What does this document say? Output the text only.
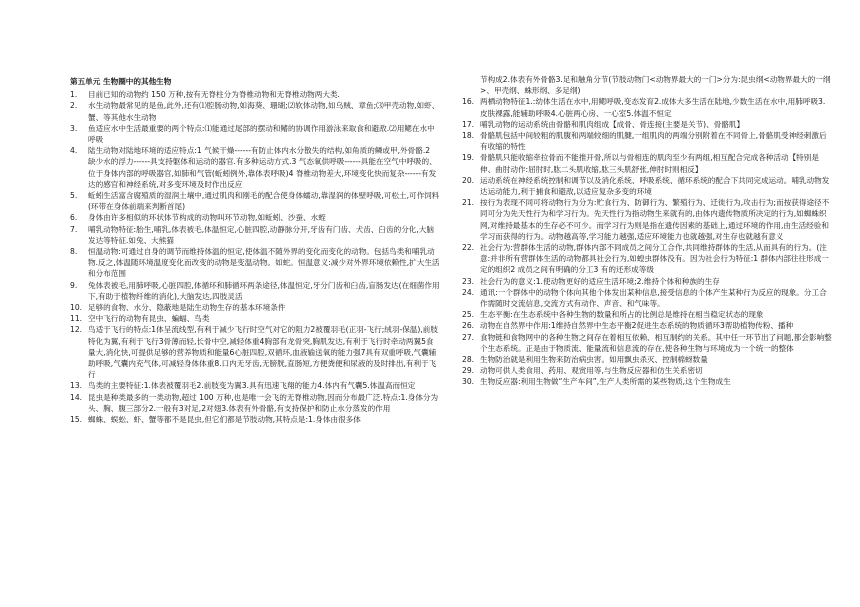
第五单元 生物圈中的其他生物
1.	目前已知的动物约 150 万种,按有无脊柱分为脊椎动物和无脊椎动物两大类.
2.	水生动物最常见的是鱼,此外,还有⑴腔肠动物,如海葵、珊瑚;⑵软体动物,如乌贼、章鱼;⑶甲壳动物,如虾、蟹、等其他水生动物
3.	鱼适应水中生活最重要的两个特点:⑴能通过尾部的摆动和鳍的协调作用游泳来取食和避敌.⑵用鳃在水中呼吸
4.	陆生动物对陆地环境的适应特点:1 气候干燥------有防止体内水分散失的结构,如角质的鳞或甲,外骨骼.2 缺少水的浮力------具支持躯体和运动的器官.有多种运动方式.3 气态氧供呼吸------具能在空气中呼吸的、位于身体内部的呼吸器官,如肺和气管(蚯蚓例外,靠体表呼吸)4 脊椎动物差大,环境变化快而复杂------有发达的感官和神经系统,对多变环境及时作出反应
5.	蚯蚓生活富含腐殖质的湿润土壤中,通过肌肉和刚毛的配合使身体蠕动,靠湿润的体壁呼吸,可松土,可作饲料(环带在身体前端来判断首尾)
6.	身体由许多相似的环状体节构成的动物叫环节动物,如蚯蚓、沙蚕、水蛭
7.	哺乳动物特征:胎生,哺乳,体表被毛,体温恒定,心脏四腔,动静脉分开,牙齿有门齿、犬齿、臼齿的分化,大脑发达等特征.如兔、大熊猫
8.	恒温动物:可通过自身的调节而维持体温的恒定,使体温不随外界的变化而变化的动物。包括鸟类和哺乳动物.反之,体温随环境温度变化而改变的动物是变温动物。如蛇。恒温意义:减少对外界环境依赖性,扩大生活和分布范围
9.	兔体表被毛,用肺呼吸,心脏四腔,体循环和肺循环两条途径,体温恒定,牙分门齿和臼齿,盲肠发达(在细菌作用下,有助于植物纤维的消化),大脑发达,四肢灵活
10. 足够的食物、水分、隐蔽地是陆生动物生存的基本环境条件
11. 空中飞行的动物有昆虫、蝙蝠、鸟类
12. 鸟适于飞行的特点:1体呈流线型,有利于减少飞行时空气对它的阻力2被覆羽毛(正羽-飞行;绒羽-保温),前肢特化为翼,有利于飞行3骨薄而轻,长骨中空,减轻体重4胸部有龙骨突,胸肌发达,有利于飞行时牵动两翼5食量大,消化快,可提供足够的营养物质和能量6心脏四腔,双循环,血液输送氧的能力强7具有双重呼吸,气囊辅助呼吸,气囊内充气体,可减轻身体体重8.口内无牙齿,无膀胱,直肠短,方便粪便和尿液的及时排出,有利于飞行
13. 鸟类的主要特征:1.体表被覆羽毛2.前肢变为翼3.具有迅速飞翔的能力4.体内有气囊5.体温高而恒定
14. 昆虫是种类最多的一类动物,超过 100 万种,也是唯一会飞的无脊椎动物,因而分布最广泛.特点:1.身体分为头、胸、腹三部分2.一般有3对足,2对翅3.体表有外骨骼,有支持保护和防止水分蒸发的作用
15. 蜘蛛、蜈蚣、虾、蟹等都不是昆虫,但它们都是节肢动物,其特点是:1.身体由很多体
节构成2.体表有外骨骼3.足和触角分节(节肢动物门<动物界最大的一门>分为:昆虫纲<动物界最大的一纲>、甲壳纲、蛛形纲、多足纲)
16. 两栖动物特征1.:幼体生活在水中,用鳃呼吸,变态发育2.成体大多生活在陆地,少数生活在水中,用肺呼吸3.皮肤裸露,能辅助呼吸4.心脏两心房、一心室5.体温不恒定
17. 哺乳动物的运动系统由骨骼和肌肉组成【成骨、骨连接(主要是关节)、骨骼肌】
18. 骨骼肌包括中间较粗的肌腹和两端较细的肌腱,一组肌肉的两端分别附着在不同骨上,骨骼肌受神经刺激后有收缩的特性
19. 骨骼肌只能收缩牵拉骨而不能推开骨,所以与骨相连的肌肉至少有两组,相互配合完成各种活动【特别是伸、曲肘动作:屈肘时,肱二头肌收缩,肱三头肌舒张,伸肘时则相反】
20. 运动系统在神经系统控制和调节以及消化系统、呼吸系统、循环系统的配合下共同完成运动。哺乳动物发达运动能力,利于捕食和避敌,以适应复杂多变的环境
21. 按行为表现不同可将动物行为分为:贮食行为、防御行为、繁殖行为、迁徙行为,攻击行为;而按获得途径不同可分为先天性行为和学习行为。先天性行为指动物生来就有的,由体内遗传物质所决定的行为,如蜘蛛织网,对维持最基本的生存必不可少。而学习行为则是指在遗传因素的基础上,通过环境的作用,由生活经验和学习而获得的行为。动物越高等,学习能力越强,适应环境能力也就越强,对生存也就越有意义
22. 社会行为:营群体生活的动物,群体内部不同成员之间分工合作,共同维持群体的生活,从而具有的行为。(注意:并非所有营群体生活的动物都具社会行为,如蝗虫群体没有。因为社会行为特征:1 群体内部往往形成一定的组织2 成员之间有明确的分工3 有的还形成等级
23. 社会行为的意义:1.使动物更好的适应生活环境;2.维持个体和种族的生存
24. 通讯:一个群体中的动物个体向其他个体发出某种信息,接受信息的个体产生某种行为反应的现象。分工合作需随时交流信息,交流方式有动作、声音、和气味等。
25. 生态平衡:在生态系统中各种生物的数量和所占的比例总是维持在相当稳定状态的现象
26. 动物在自然界中作用:1维持自然界中生态平衡2促进生态系统的物质循环3帮助植物传粉、播种
27. 食物链和食物网中的各种生物之间存在着相互依赖、相互制约的关系。其中任一环节出了问题,都会影响整个生态系统。正是由于物质流、能量流和信息流的存在,使各种生物与环境成为一个统一的整体
28. 生物防治就是利用生物来防治病虫害。如用飘虫杀灭、控制棉蚜数量
29. 动物可供人类食用、药用、观赏用等,与生物反应器和仿生关系密切
30. 生物反应器:利用生物做“生产车间”,生产人类所需的某些物质,这个生物成生
